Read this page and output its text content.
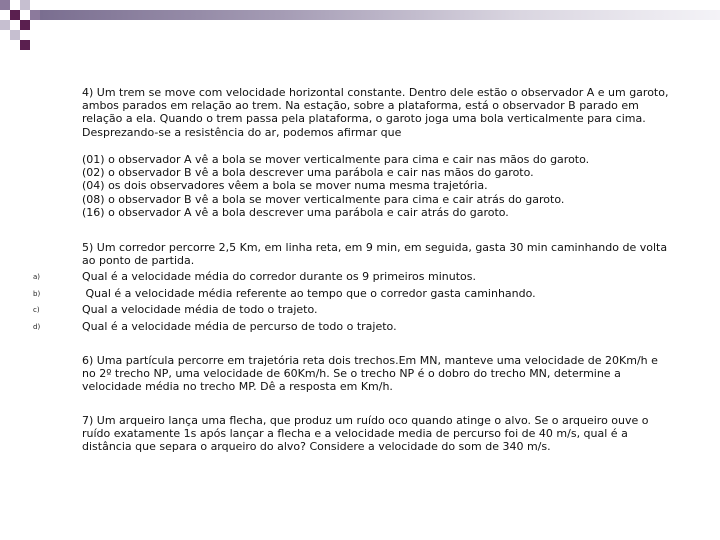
4) Um trem se move com velocidade horizontal constante. Dentro dele estão o observador A e um garoto, ambos parados em relação ao trem. Na estação, sobre a plataforma, está o observador B parado em relação a ela. Quando o trem passa pela plataforma, o garoto joga uma bola verticalmente para cima. Desprezando-se a resistência do ar, podemos afirmar que

(01) o observador A vê a bola se mover verticalmente para cima e cair nas mãos do garoto.
(02) o observador B vê a bola descrever uma parábola e cair nas mãos do garoto.
(04) os dois observadores vêem a bola se mover numa mesma trajetória.
(08) o observador B vê a bola se mover verticalmente para cima e cair atrás do garoto.
(16) o observador A vê a bola descrever uma parábola e cair atrás do garoto.

5) Um corredor percorre 2,5 Km, em linha reta, em 9 min, em seguida, gasta 30 min caminhando de volta ao ponto de partida.

a)
b)
c)
d)
Qual é a velocidade média do corredor durante os 9 primeiros minutos.
Qual é a velocidade média referente ao tempo que o corredor gasta caminhando.
Qual a velocidade média de todo o trajeto.
Qual é a velocidade média de percurso de todo o trajeto.

6) Uma partícula percorre em trajetória reta dois trechos.Em MN, manteve uma velocidade de 20Km/h e no 2º trecho NP, uma velocidade de 60Km/h. Se o trecho NP é o dobro do trecho MN, determine a velocidade média no trecho MP. Dê a resposta em Km/h.

7) Um arqueiro lança uma flecha, que produz um ruído oco quando atinge o alvo. Se o arqueiro ouve o ruído exatamente 1s após lançar a flecha e a velocidade media de percurso foi de 40 m/s, qual é a distância que separa o arqueiro do alvo? Considere a velocidade do som de 340 m/s.
